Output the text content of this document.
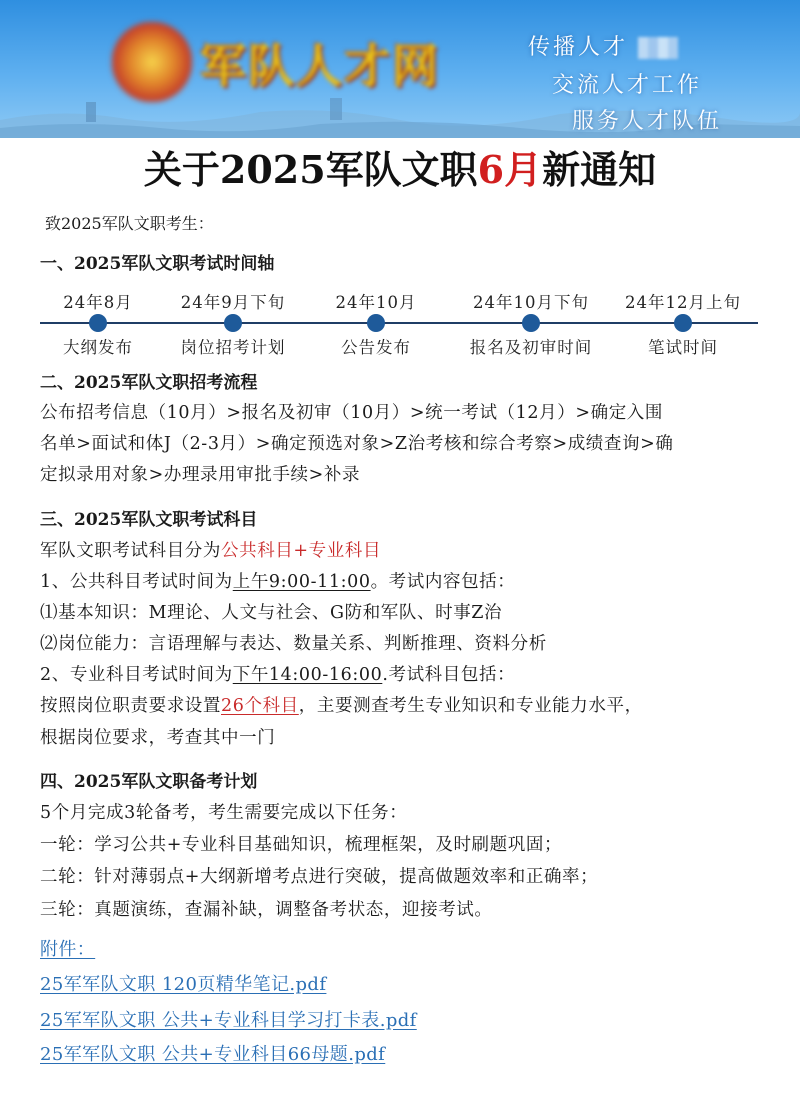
军队人才网	传播人才
交流人才工作
服务人才队伍
关于2025军队文职6月新通知
致2025军队文职考生：
一、2025军队文职考试时间轴
24年8月
大纲发布
24年9月下旬
岗位招考计划
24年10月
公告发布
24年10月下旬
报名及初审时间
24年12月上旬
笔试时间
二、2025军队文职招考流程
公布招考信息（10月）>报名及初审（10月）>统一考试（12月）>确定入围
名单>面试和体J（2-3月）>确定预选对象>Z治考核和综合考察>成绩查询>确
定拟录用对象>办理录用审批手续>补录
三、2025军队文职考试科目
军队文职考试科目分为公共科目+专业科目
1、公共科目考试时间为上午9:00-11:00。考试内容包括：
⑴基本知识：M理论、人文与社会、G防和军队、时事Z治
⑵岗位能力：言语理解与表达、数量关系、判断推理、资料分析
2、专业科目考试时间为下午14:00-16:00.考试科目包括：
按照岗位职责要求设置26个科目，主要测查考生专业知识和专业能力水平，
根据岗位要求，考查其中一门
四、2025军队文职备考计划
5个月完成3轮备考，考生需要完成以下任务：
一轮：学习公共+专业科目基础知识，梳理框架，及时刷题巩固；
二轮：针对薄弱点+大纲新增考点进行突破，提高做题效率和正确率；
三轮：真题演练，查漏补缺，调整备考状态，迎接考试。
附件：
25军军队文职 120页精华笔记.pdf
25军军队文职 公共+专业科目学习打卡表.pdf
25军军队文职 公共+专业科目66母题.pdf
